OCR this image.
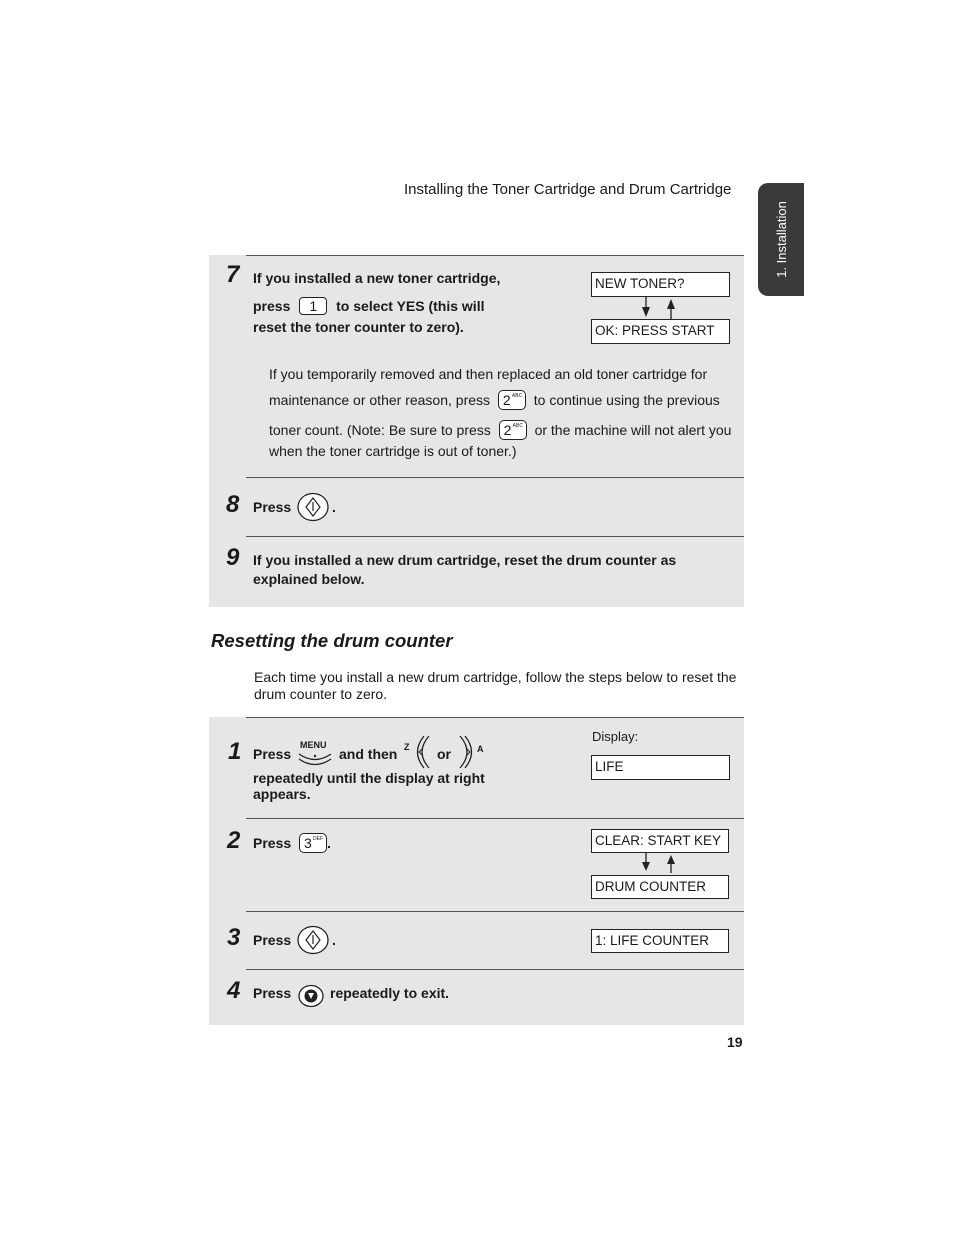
Installing the Toner Cartridge and Drum Cartridge
1. Installation
7 If you installed a new toner cartridge,
press	1	to select YES (this will
reset the toner counter to zero).
NEW TONER?
OK: PRESS START
If you temporarily removed and then replaced an old toner cartridge for
maintenance or other reason, press 2 ABC to continue using the previous
toner count. (Note: Be sure to press 2 ABC or the machine will not alert you
when the toner cartridge is out of toner.)
8 Press	.
9 If you installed a new drum cartridge, reset the drum counter as
explained below.
Resetting the drum counter
Each time you install a new drum cartridge, follow the steps below to reset the
drum counter to zero.
1 Press
MENU
and then Z or	A
repeatedly until the display at right
appears.
Display:
LIFE
2 Press 3 DEF .	CLEAR: START KEY
DRUM COUNTER
3 Press	.	1: LIFE COUNTER
4 Press	repeatedly to exit.
19
